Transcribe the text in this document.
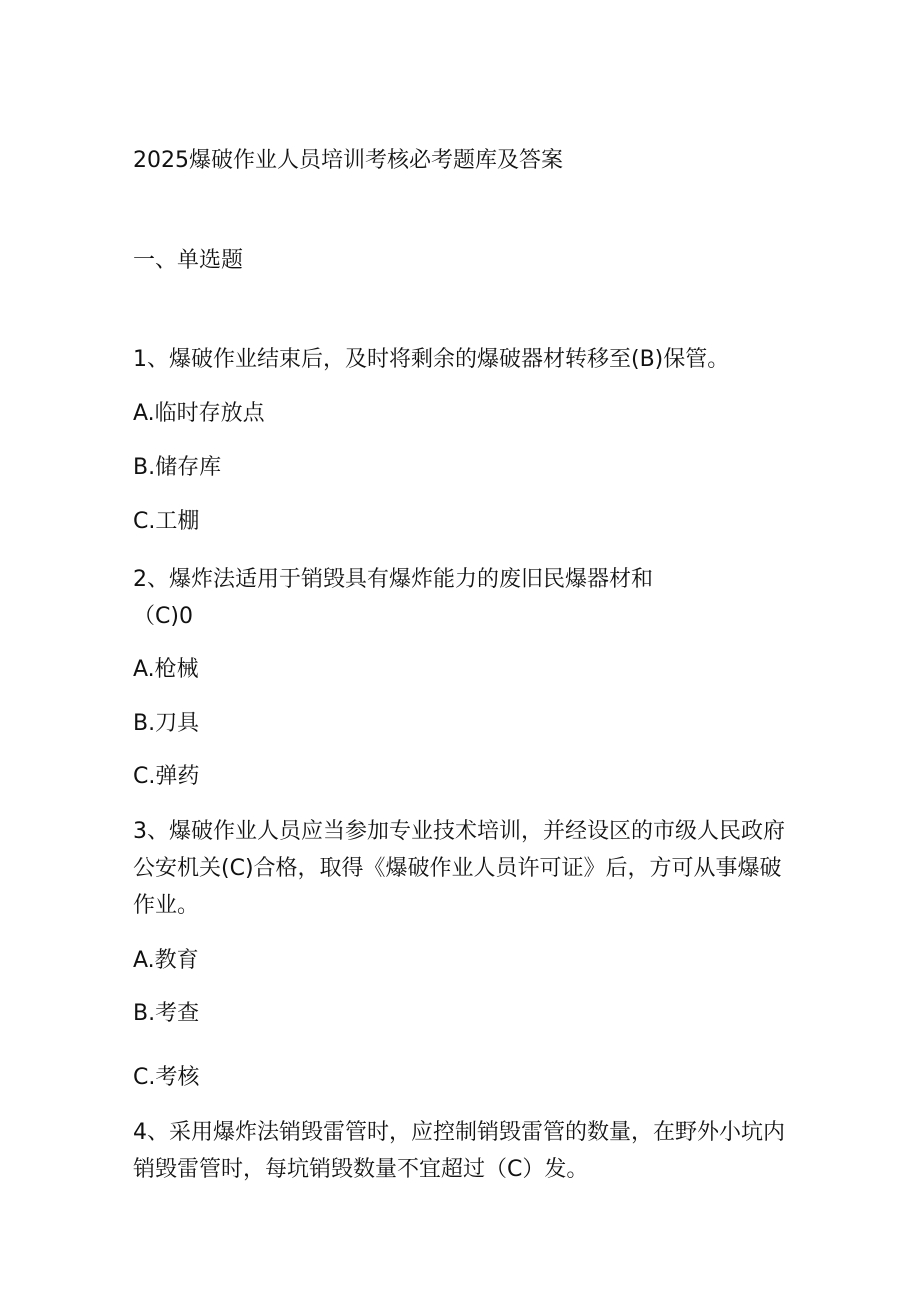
2025爆破作业人员培训考核必考题库及答案
一、单选题
1、爆破作业结束后，及时将剩余的爆破器材转移至(B)保管。
A.临时存放点
B.储存库
C.工棚
2、爆炸法适用于销毁具有爆炸能力的废旧民爆器材和
（C)0
A.枪械
B.刀具
C.弹药
3、爆破作业人员应当参加专业技术培训，并经设区的市级人民政府
公安机关(C)合格，取得《爆破作业人员许可证》后，方可从事爆破
作业。
A.教育
B.考查
C.考核
4、采用爆炸法销毁雷管时，应控制销毁雷管的数量，在野外小坑内
销毁雷管时，每坑销毁数量不宜超过（C）发。
